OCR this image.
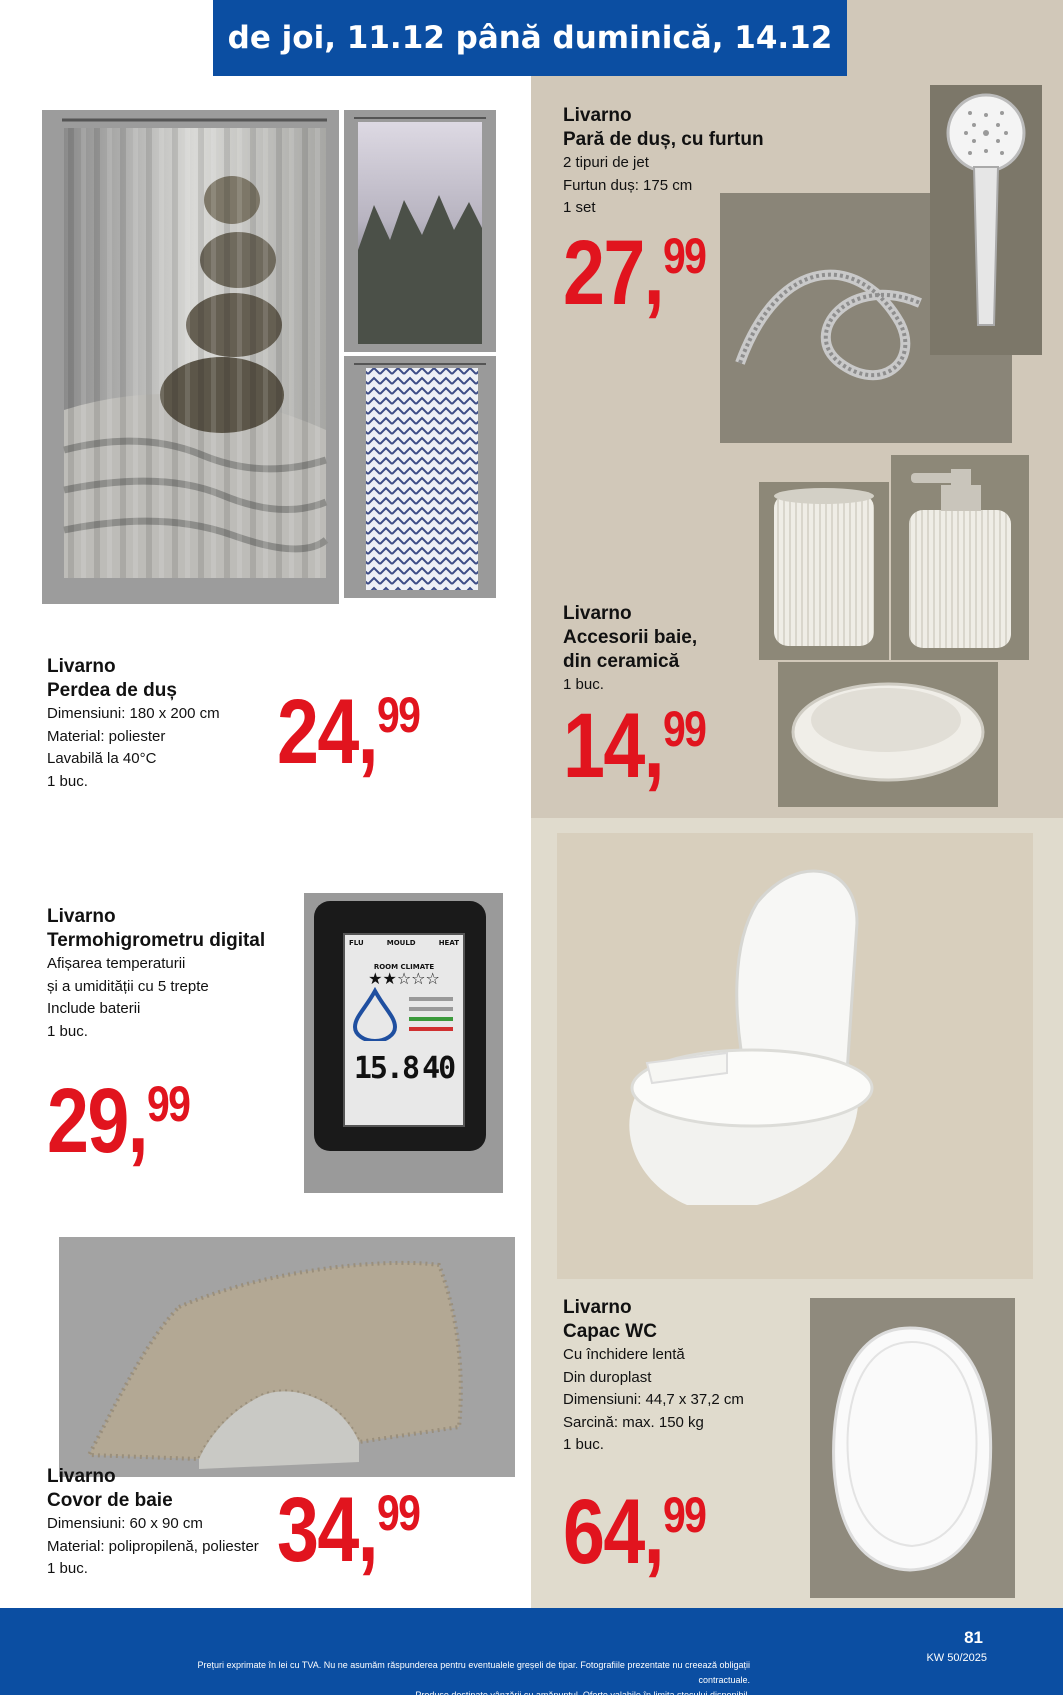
de joi, 11.12 până duminică, 14.12
Livarno
Perdea de duș
Dimensiuni: 180 x 200 cm
Material: poliester
Lavabilă la 40°C
1 buc.	24, 99
Livarno
Pară de duș, cu furtun
2 tipuri de jet
Furtun duș: 175 cm
1 set
27, 99
Livarno
Accesorii baie,
din ceramică
1 buc.
14, 99
Livarno
Termohigrometru digital
Afișarea temperaturii
și a umidității cu 5 trepte
Include baterii
1 buc.
29, 99
FLU	MOULD	HEAT
ROOM CLIMATE
★★☆☆☆
15.8 40
Livarno
Capac WC
Cu închidere lentă
Din duroplast
Dimensiuni: 44,7 x 37,2 cm
Sarcină: max. 150 kg
1 buc.
64, 99
Livarno
Covor de baie
Dimensiuni: 60 x 90 cm
Material: polipropilenă, poliester
1 buc.	34, 99
Prețuri exprimate în lei cu TVA. Nu ne asumăm răspunderea pentru eventualele greșeli de tipar. Fotografiile prezentate nu creează obligații contractuale.
Produse destinate vânzării cu amănuntul. Oferte valabile în limita stocului disponibil.
81
KW 50/2025
